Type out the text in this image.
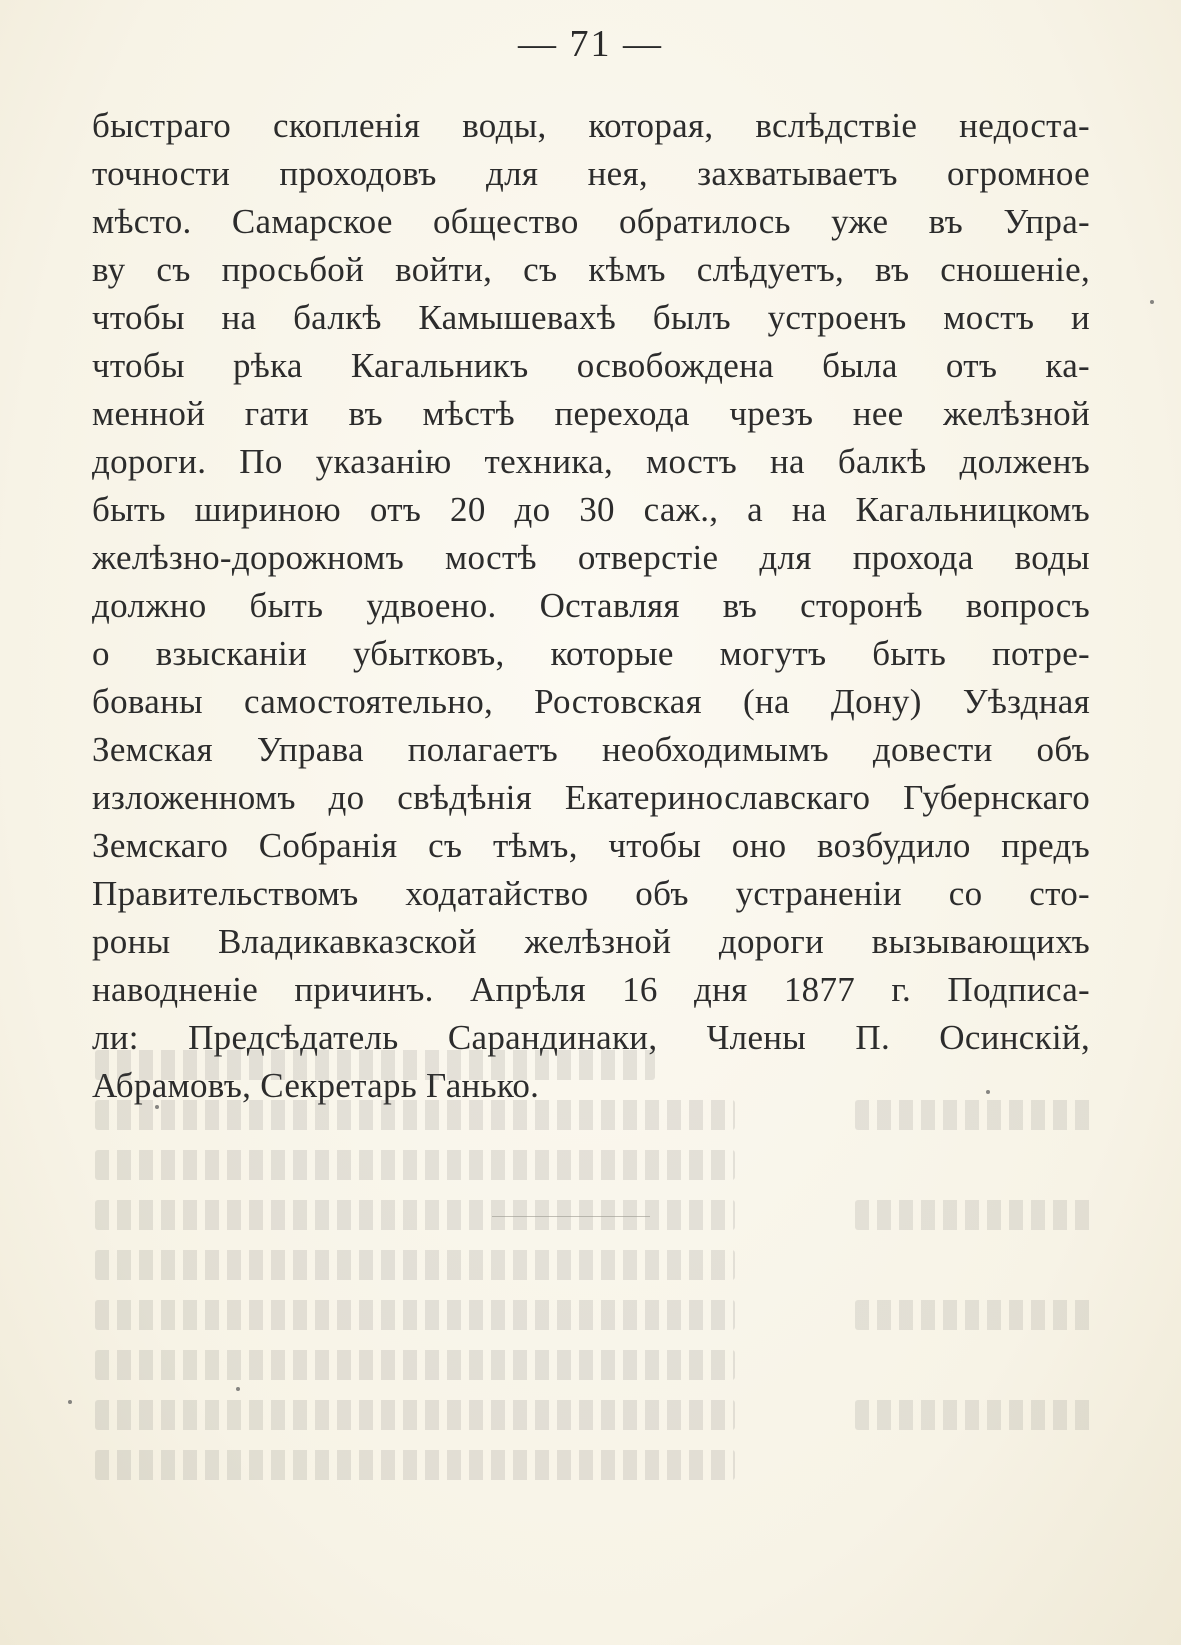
— 71 —
быстраго скопленія воды, которая, вслѣдствіе недоста-
точности проходовъ для нея, захватываетъ огромное
мѣсто. Самарское общество обратилось уже въ Упра-
ву съ просьбой войти, съ кѣмъ слѣдуетъ, въ сношеніе,
чтобы на балкѣ Камышевахѣ былъ устроенъ мостъ и
чтобы рѣка Кагальникъ освобождена была отъ ка-
менной гати въ мѣстѣ перехода чрезъ нее желѣзной
дороги. По указанію техника, мостъ на балкѣ долженъ
быть шириною отъ 20 до 30 саж., а на Кагальницкомъ
желѣзно-дорожномъ мостѣ отверстіе для прохода воды
должно быть удвоено. Оставляя въ сторонѣ вопросъ
о взысканіи убытковъ, которые могутъ быть потре-
бованы самостоятельно, Ростовская (на Дону) Уѣздная
Земская Управа полагаетъ необходимымъ довести объ
изложенномъ до свѣдѣнія Екатеринославскаго Губернскаго
Земскаго Собранія съ тѣмъ, чтобы оно возбудило предъ
Правительствомъ ходатайство объ устраненіи со сто-
роны Владикавказской желѣзной дороги вызывающихъ
наводненіе причинъ. Апрѣля 16 дня 1877 г. Подписа-
ли: Предсѣдатель Сарандинаки, Члены П. Осинскій,
Абрамовъ, Секретарь Ганько.
